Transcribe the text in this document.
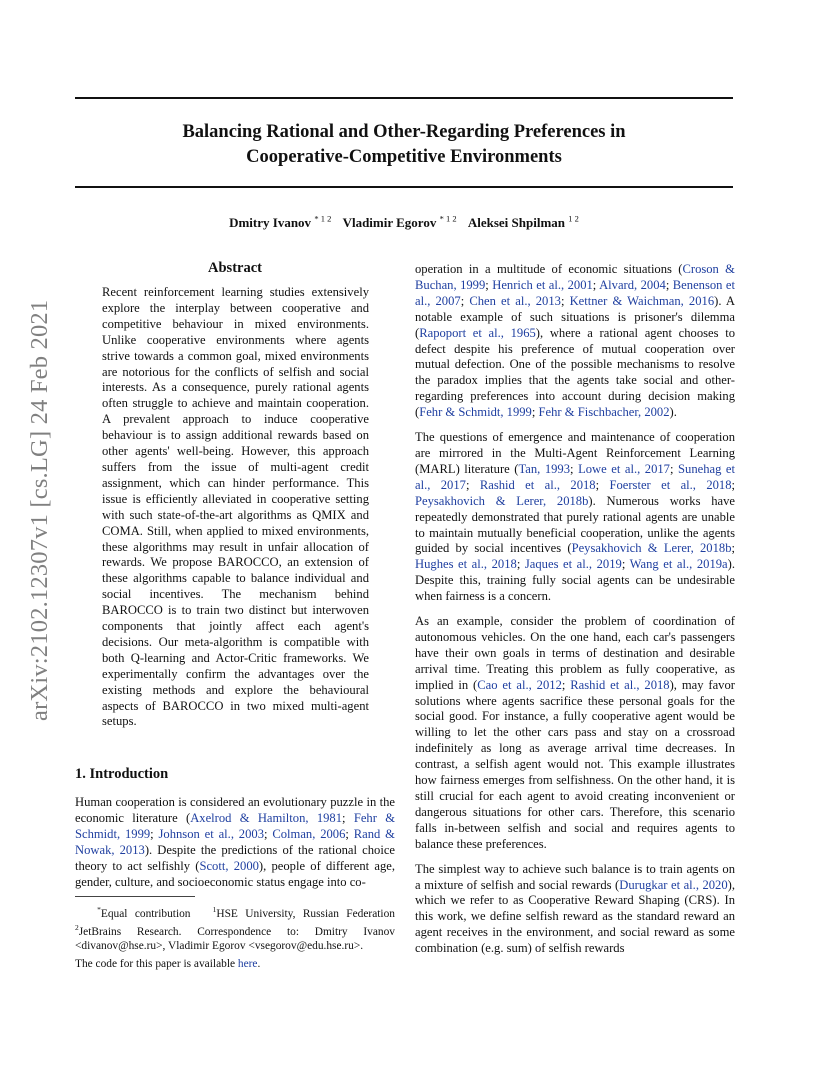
Balancing Rational and Other-Regarding Preferences in
Cooperative-Competitive Environments
Dmitry Ivanov $^{* 1 2}$ Vladimir Egorov $^{* 1 2}$ Aleksei Shpilman $^{1 2}$
arXiv:2102.12307v1 [cs.LG] 24 Feb 2021
Abstract
Recent reinforcement learning studies extensively explore the interplay between cooperative and competitive behaviour in mixed environments. Unlike cooperative environments where agents strive towards a common goal, mixed environments are notorious for the conflicts of selfish and social interests. As a consequence, purely rational agents often struggle to achieve and maintain cooperation. A prevalent approach to induce cooperative behaviour is to assign additional rewards based on other agents' well-being. However, this approach suffers from the issue of multi-agent credit assignment, which can hinder performance. This issue is efficiently alleviated in cooperative setting with such state-of-the-art algorithms as QMIX and COMA. Still, when applied to mixed environments, these algorithms may result in unfair allocation of rewards. We propose BAROCCO, an extension of these algorithms capable to balance individual and social incentives. The mechanism behind BAROCCO is to train two distinct but interwoven components that jointly affect each agent's decisions. Our meta-algorithm is compatible with both Q-learning and Actor-Critic frameworks. We experimentally confirm the advantages over the existing methods and explore the behavioural aspects of BAROCCO in two mixed multi-agent setups.
1. Introduction

Human cooperation is considered an evolutionary puzzle in the economic literature (Axelrod & Hamilton, 1981; Fehr & Schmidt, 1999; Johnson et al., 2003; Colman, 2006; Rand & Nowak, 2013). Despite the predictions of the rational choice theory to act selfishly (Scott, 2000), people of different age, gender, culture, and socioeconomic status engage into co-

*Equal contribution	$^1$HSE University, Russian Federation $^2$JetBrains Research. Correspondence to: Dmitry Ivanov <divanov@hse.ru>, Vladimir Egorov <vsegorov@edu.hse.ru>.
The code for this paper is available here.

operation in a multitude of economic situations (Croson & Buchan, 1999; Henrich et al., 2001; Alvard, 2004; Benenson et al., 2007; Chen et al., 2013; Kettner & Waichman, 2016). A notable example of such situations is prisoner's dilemma (Rapoport et al., 1965), where a rational agent chooses to defect despite his preference of mutual cooperation over mutual defection. One of the possible mechanisms to resolve the paradox implies that the agents take social and other-regarding preferences into account during decision making (Fehr & Schmidt, 1999; Fehr & Fischbacher, 2002).

The questions of emergence and maintenance of cooperation are mirrored in the Multi-Agent Reinforcement Learning (MARL) literature (Tan, 1993; Lowe et al., 2017; Sunehag et al., 2017; Rashid et al., 2018; Foerster et al., 2018; Peysakhovich & Lerer, 2018b). Numerous works have repeatedly demonstrated that purely rational agents are unable to maintain mutually beneficial cooperation, unlike the agents guided by social incentives (Peysakhovich & Lerer, 2018b; Hughes et al., 2018; Jaques et al., 2019; Wang et al., 2019a). Despite this, training fully social agents can be undesirable when fairness is a concern.

As an example, consider the problem of coordination of autonomous vehicles. On the one hand, each car's passengers have their own goals in terms of destination and desirable arrival time. Treating this problem as fully cooperative, as implied in (Cao et al., 2012; Rashid et al., 2018), may favor solutions where agents sacrifice these personal goals for the social good. For instance, a fully cooperative agent would be willing to let the other cars pass and stay on a crossroad indefinitely as long as average arrival time decreases. In contrast, a selfish agent would not. This example illustrates how fairness emerges from selfishness. On the other hand, it is still crucial for each agent to avoid creating inconvenient or dangerous situations for other cars. Therefore, this scenario falls in-between selfish and social and requires agents to balance these preferences.

The simplest way to achieve such balance is to train agents on a mixture of selfish and social rewards (Durugkar et al., 2020), which we refer to as Cooperative Reward Shaping (CRS). In this work, we define selfish reward as the standard reward an agent receives in the environment, and social reward as some combination (e.g. sum) of selfish rewards
